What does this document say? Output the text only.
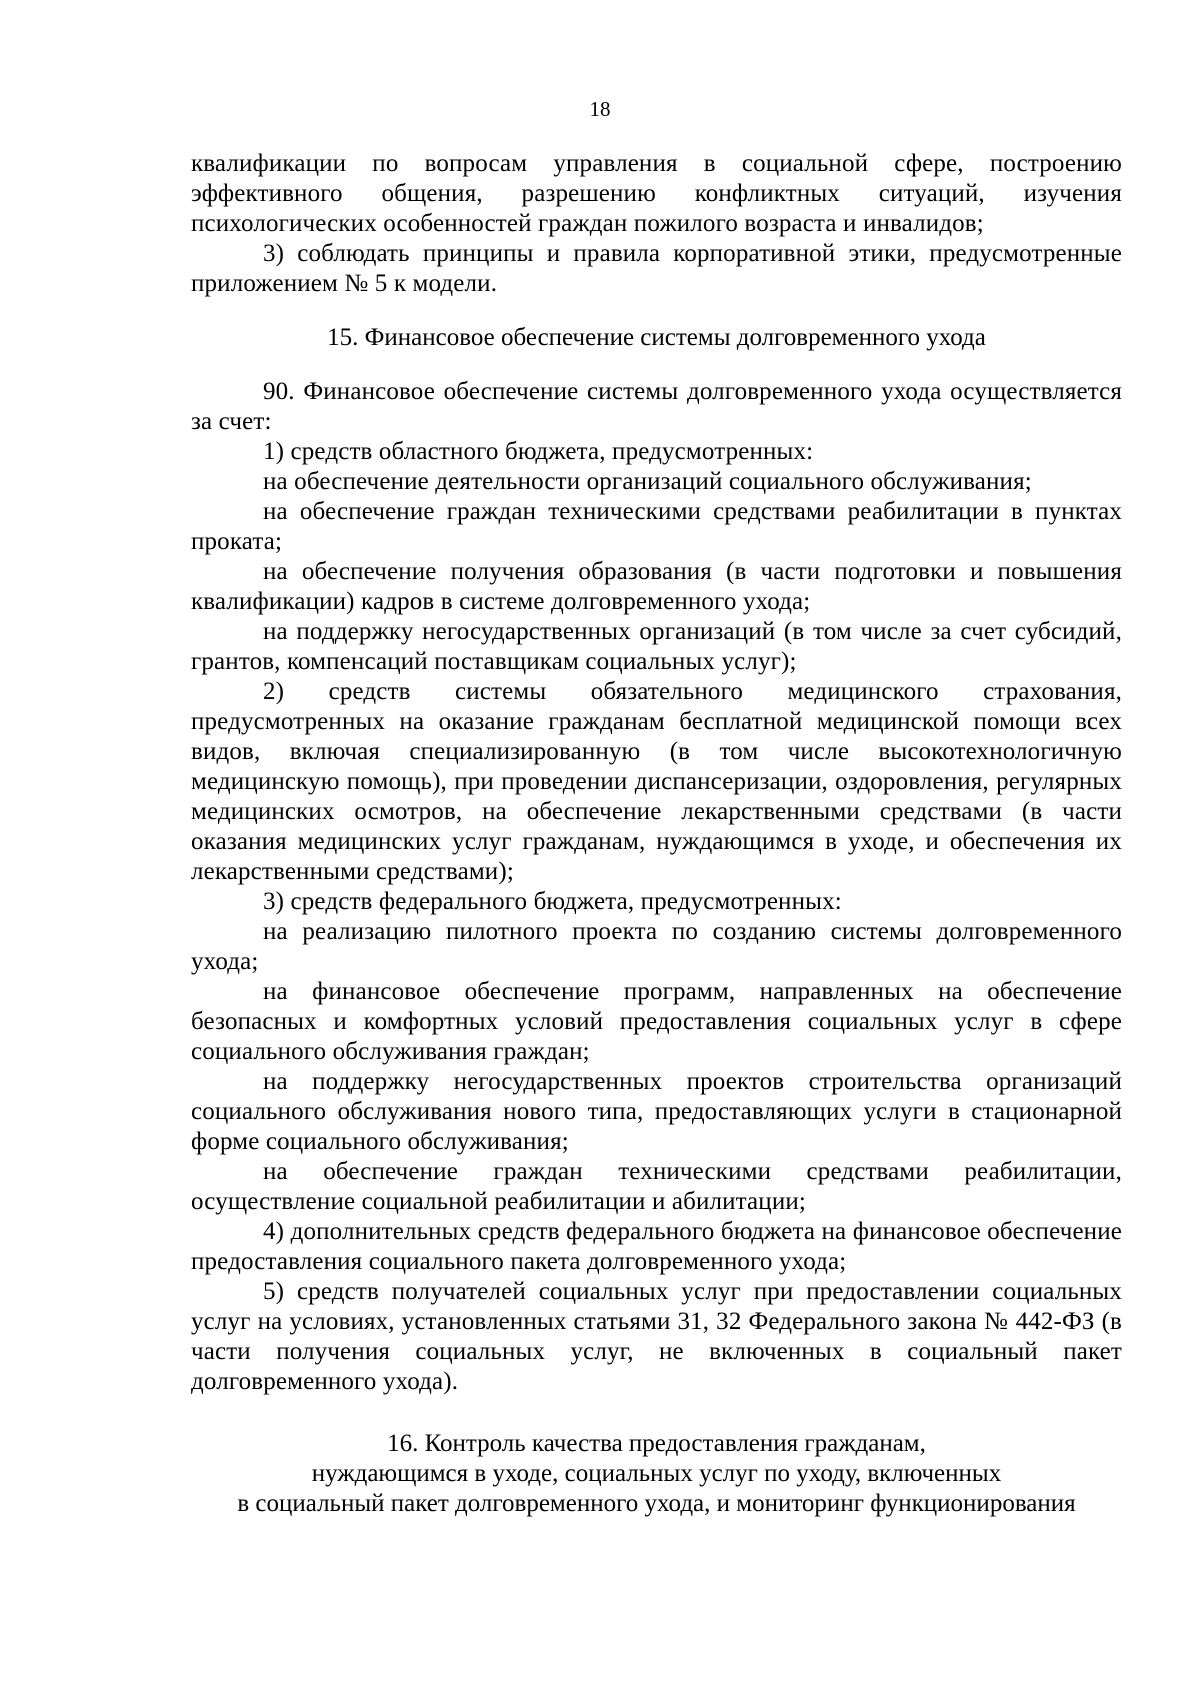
18

квалификации по вопросам управления в социальной сфере, построению эффективного общения, разрешению конфликтных ситуаций, изучения психологических особенностей граждан пожилого возраста и инвалидов;

3) соблюдать принципы и правила корпоративной этики, предусмотренные приложением № 5 к модели.

15. Финансовое обеспечение системы долговременного ухода

90. Финансовое обеспечение системы долговременного ухода осуществляется за счет:

1) средств областного бюджета, предусмотренных:

на обеспечение деятельности организаций социального обслуживания;

на обеспечение граждан техническими средствами реабилитации в пунктах проката;

на обеспечение получения образования (в части подготовки и повышения квалификации) кадров в системе долговременного ухода;

на поддержку негосударственных организаций (в том числе за счет субсидий, грантов, компенсаций поставщикам социальных услуг);

2) средств системы обязательного медицинского страхования, предусмотренных на оказание гражданам бесплатной медицинской помощи всех видов, включая специализированную (в том числе высокотехнологичную медицинскую помощь), при проведении диспансеризации, оздоровления, регулярных медицинских осмотров, на обеспечение лекарственными средствами (в части оказания медицинских услуг гражданам, нуждающимся в уходе, и обеспечения их лекарственными средствами);

3) средств федерального бюджета, предусмотренных:

на реализацию пилотного проекта по созданию системы долговременного ухода;

на финансовое обеспечение программ, направленных на обеспечение безопасных и комфортных условий предоставления социальных услуг в сфере социального обслуживания граждан;

на поддержку негосударственных проектов строительства организаций социального обслуживания нового типа, предоставляющих услуги в стационарной форме социального обслуживания;

на обеспечение граждан техническими средствами реабилитации, осуществление социальной реабилитации и абилитации;

4) дополнительных средств федерального бюджета на финансовое обеспечение предоставления социального пакета долговременного ухода;

5) средств получателей социальных услуг при предоставлении социальных услуг на условиях, установленных статьями 31, 32 Федерального закона № 442-ФЗ (в части получения социальных услуг, не включенных в социальный пакет долговременного ухода).

16. Контроль качества предоставления гражданам,

нуждающимся в уходе, социальных услуг по уходу, включенных

в социальный пакет долговременного ухода, и мониторинг функционирования
